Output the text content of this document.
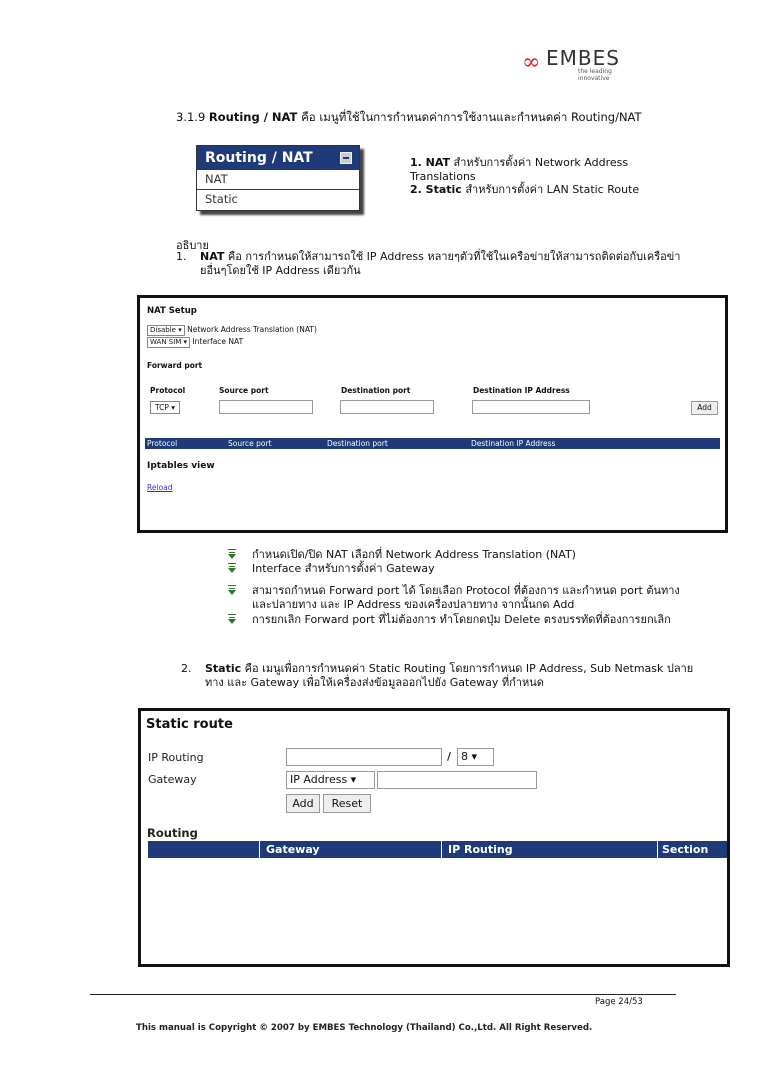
∞ EMBES
the leading innovative
3.1.9 Routing / NAT คือ เมนูที่ใช้ในการกำหนดค่าการใช้งานและกำหนดค่า Routing/NAT
Routing / NAT
NAT
Static
1. NAT สำหรับการตั้งค่า Network Address Translations
2. Static สำหรับการตั้งค่า LAN Static Route
อธิบาย
1. NAT คือ การกำหนดให้สามารถใช้ IP Address หลายๆตัวที่ใช้ในเครือข่ายให้สามารถติดต่อกับเครือข่ายอื่นๆโดยใช้ IP Address เดียวกัน
NAT Setup
Disable ▾ Network Address Translation (NAT)
WAN SIM ▾ Interface NAT
Forward port
Protocol	Source port	Destination port	Destination IP Address
TCP ▾	Add
Protocol	Source port	Destination port	Destination IP Address
Iptables view
Reload
กำหนดเปิด/ปิด NAT เลือกที่ Network Address Translation (NAT)
Interface สำหรับการตั้งค่า Gateway
สามารถกำหนด Forward port ได้ โดยเลือก Protocol ที่ต้องการ และกำหนด port ต้นทางและปลายทาง และ IP Address ของเครื่องปลายทาง จากนั้นกด Add
การยกเลิก Forward port ที่ไม่ต้องการ ทำโดยกดปุ่ม Delete ตรงบรรทัดที่ต้องการยกเลิก
2. Static คือ เมนูเพื่อการกำหนดค่า Static Routing โดยการกำหนด IP Address, Sub Netmask ปลายทาง และ Gateway เพื่อให้เครื่องส่งข้อมูลออกไปยัง Gateway ที่กำหนด
Static route
IP Routing	/ 8 ▾
Gateway	IP Address ▾
Add	Reset
Routing
Gateway	IP Routing	Section
Page 24/53
This manual is Copyright © 2007 by EMBES Technology (Thailand) Co.,Ltd. All Right Reserved.
